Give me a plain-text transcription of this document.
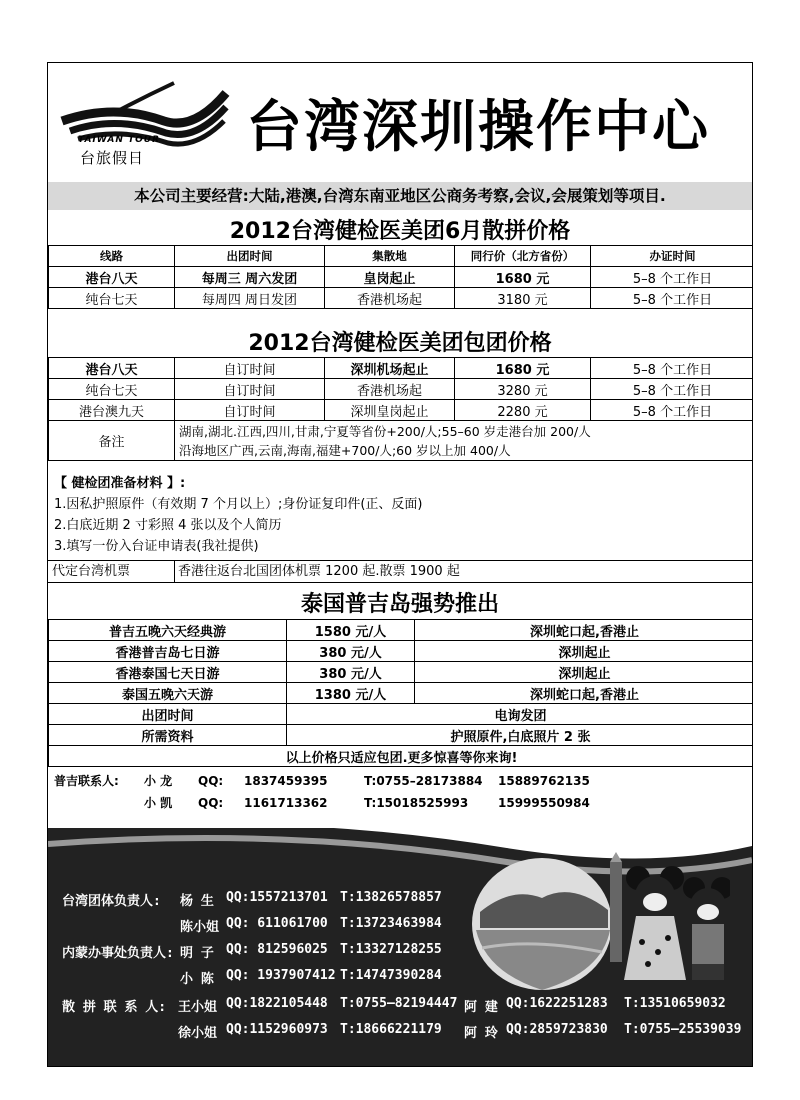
TAIWAN TOUR
台旅假日 台湾深圳操作中心
本公司主要经营:大陆,港澳,台湾东南亚地区公商务考察,会议,会展策划等项目.
2012台湾健检医美团6月散拼价格
线路	出团时间	集散地	同行价（北方省份）	办证时间
港台八天	每周三 周六发团	皇岗起止	1680 元	5–8 个工作日
纯台七天	每周四 周日发团	香港机场起	3180 元	5–8 个工作日
2012台湾健检医美团包团价格
港台八天	自订时间	深圳机场起止	1680 元	5–8 个工作日
纯台七天	自订时间	香港机场起	3280 元	5–8 个工作日
港台澳九天	自订时间	深圳皇岗起止	2280 元	5–8 个工作日
备注	湖南,湖北.江西,四川,甘肃,宁夏等省份+200/人;55–60 岁走港台加 200/人
沿海地区广西,云南,海南,福建+700/人;60 岁以上加 400/人			
【 健检团准备材料 】:
1.因私护照原件（有效期 7 个月以上）;身份证复印件(正、反面)
2.白底近期 2 寸彩照 4 张以及个人简历
3.填写一份入台证申请表(我社提供)
代定台湾机票	香港往返台北国团体机票 1200 起.散票 1900 起
泰国普吉岛强势推出
普吉五晚六天经典游	1580 元/人	深圳蛇口起,香港止
香港普吉岛七日游	380 元/人	深圳起止
香港泰国七天日游	380 元/人	深圳起止
泰国五晚六天游	1380 元/人	深圳蛇口起,香港止
出团时间	电询发团	
所需资料	护照原件,白底照片 2 张	
以上价格只适应包团.更多惊喜等你来询!		
普吉联系人: 小 龙 QQ: 1837459395	T:0755–28173884 15889762135
小 凯 QQ: 1161713362	T:15018525993 15999550984
台湾团体负责人: 杨 生 QQ:1557213701 T:13826578857
陈小姐 QQ: 611061700 T:13723463984
内蒙办事处负责人: 明 子 QQ: 812596025 T:13327128255
小 陈 QQ: 1937907412 T:14747390284
散 拼 联 系 人: 王小姐 QQ:1822105448 T:0755–82194447 阿 建 QQ:1622251283 T:13510659032
徐小姐 QQ:1152960973 T:18666221179 阿 玲 QQ:2859723830 T:0755–25539039
